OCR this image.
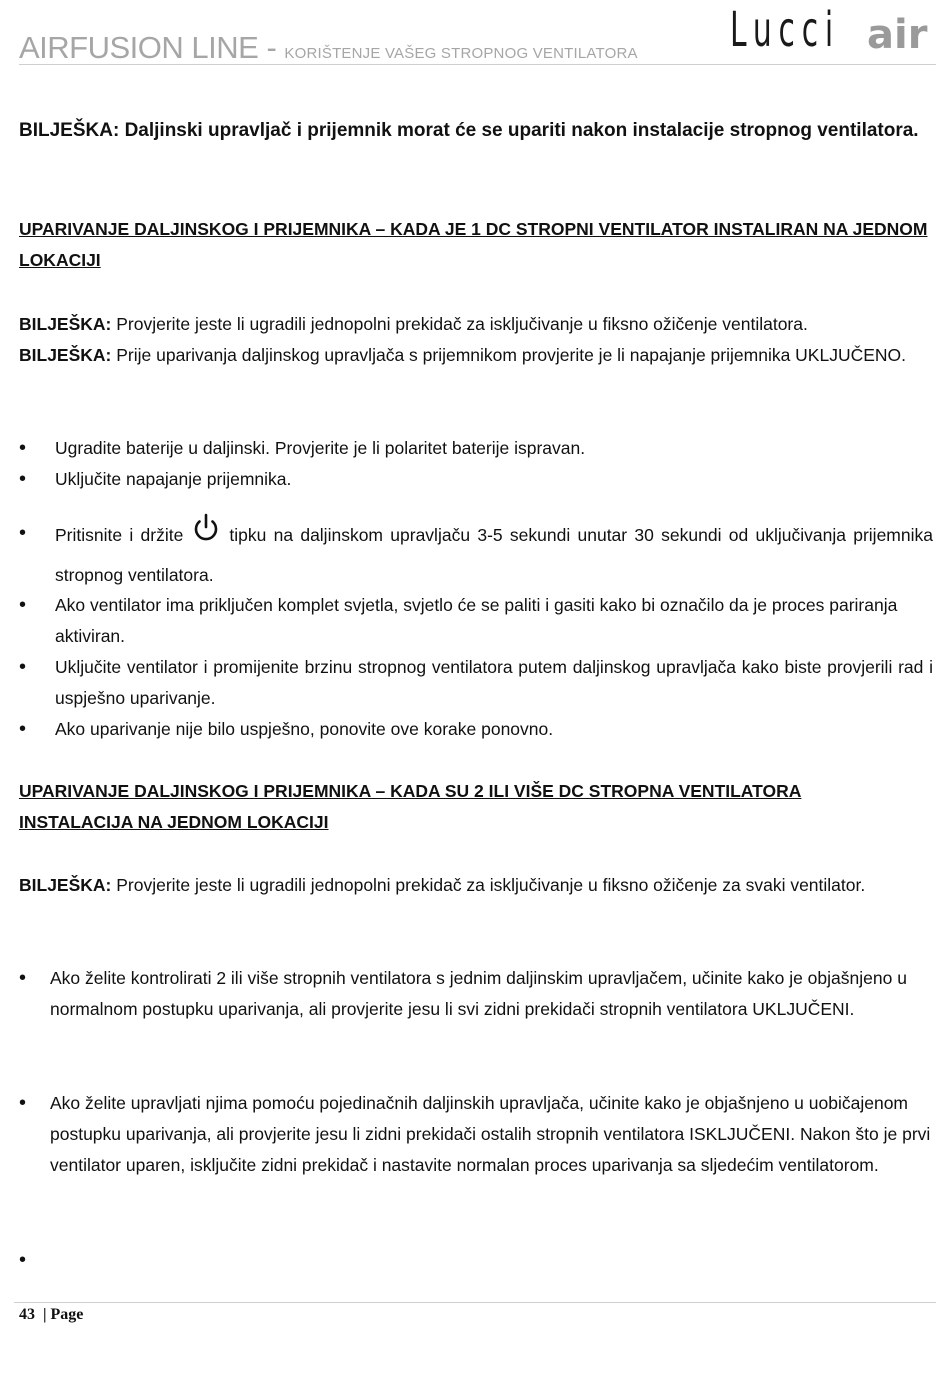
AIRFUSION LINE - KORIŠTENJE VAŠEG STROPNOG VENTILATORA Lucci air
BILJEŠKA: Daljinski upravljač i prijemnik morat će se upariti nakon instalacije stropnog ventilatora.
UPARIVANJE DALJINSKOG I PRIJEMNIKA – KADA JE 1 DC STROPNI VENTILATOR INSTALIRAN NA JEDNOM LOKACIJI
BILJEŠKA: Provjerite jeste li ugradili jednopolni prekidač za isključivanje u fiksno ožičenje ventilatora.
BILJEŠKA: Prije uparivanja daljinskog upravljača s prijemnikom provjerite je li napajanje prijemnika UKLJUČENO.
• Ugradite baterije u daljinski. Provjerite je li polaritet baterije ispravan.
• Uključite napajanje prijemnika.
• Pritisnite i držite	tipku na daljinskom upravljaču 3-5 sekundi unutar 30 sekundi od uključivanja prijemnika stropnog ventilatora.
• Ako ventilator ima priključen komplet svjetla, svjetlo će se paliti i gasiti kako bi označilo da je proces pariranja aktiviran.
• Uključite ventilator i promijenite brzinu stropnog ventilatora putem daljinskog upravljača kako biste provjerili rad i uspješno uparivanje.
• Ako uparivanje nije bilo uspješno, ponovite ove korake ponovno.
UPARIVANJE DALJINSKOG I PRIJEMNIKA – KADA SU 2 ILI VIŠE DC STROPNA VENTILATORA INSTALACIJA NA JEDNOM LOKACIJI
BILJEŠKA: Provjerite jeste li ugradili jednopolni prekidač za isključivanje u fiksno ožičenje za svaki ventilator.
• Ako želite kontrolirati 2 ili više stropnih ventilatora s jednim daljinskim upravljačem, učinite kako je objašnjeno u normalnom postupku uparivanja, ali provjerite jesu li svi zidni prekidači stropnih ventilatora UKLJUČENI.
• Ako želite upravljati njima pomoću pojedinačnih daljinskih upravljača, učinite kako je objašnjeno u uobičajenom postupku uparivanja, ali provjerite jesu li zidni prekidači ostalih stropnih ventilatora ISKLJUČENI. Nakon što je prvi ventilator uparen, isključite zidni prekidač i nastavite normalan proces uparivanja sa sljedećim ventilatorom.
•
43 | Page
